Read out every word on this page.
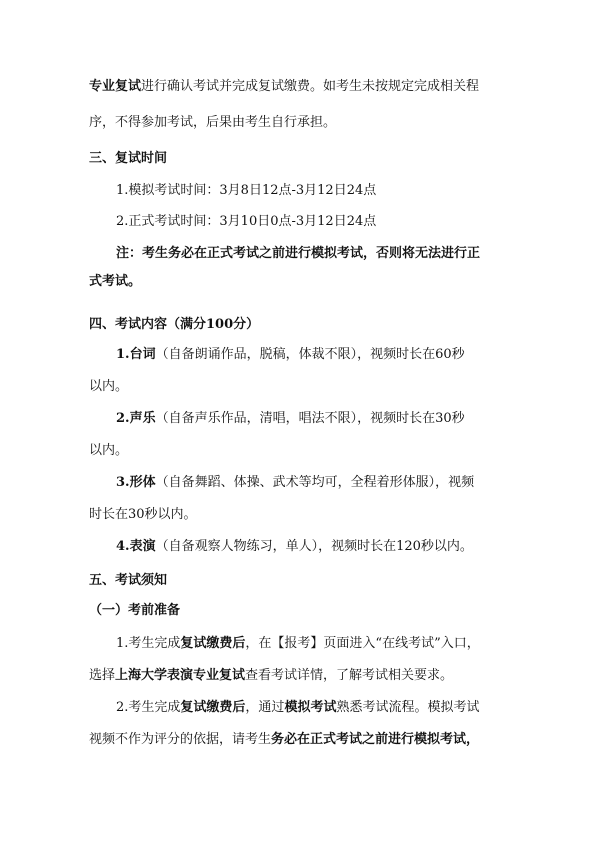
专业复试进行确认考试并完成复试缴费。如考生未按规定完成相关程
序，不得参加考试，后果由考生自行承担。
三、复试时间
1.模拟考试时间：3月8日12点-3月12日24点
2.正式考试时间：3月10日0点-3月12日24点
注：考生务必在正式考试之前进行模拟考试，否则将无法进行正
式考试。
四、考试内容（满分100分）
1.台词（自备朗诵作品，脱稿，体裁不限），视频时长在60秒
以内。
2.声乐（自备声乐作品，清唱，唱法不限），视频时长在30秒
以内。
3.形体（自备舞蹈、体操、武术等均可，全程着形体服），视频
时长在30秒以内。
4.表演（自备观察人物练习，单人），视频时长在120秒以内。
五、考试须知
（一）考前准备
1.考生完成复试缴费后，在【报考】页面进入“在线考试”入口，
选择上海大学表演专业复试查看考试详情，了解考试相关要求。
2.考生完成复试缴费后，通过模拟考试熟悉考试流程。模拟考试
视频不作为评分的依据，请考生务必在正式考试之前进行模拟考试，
